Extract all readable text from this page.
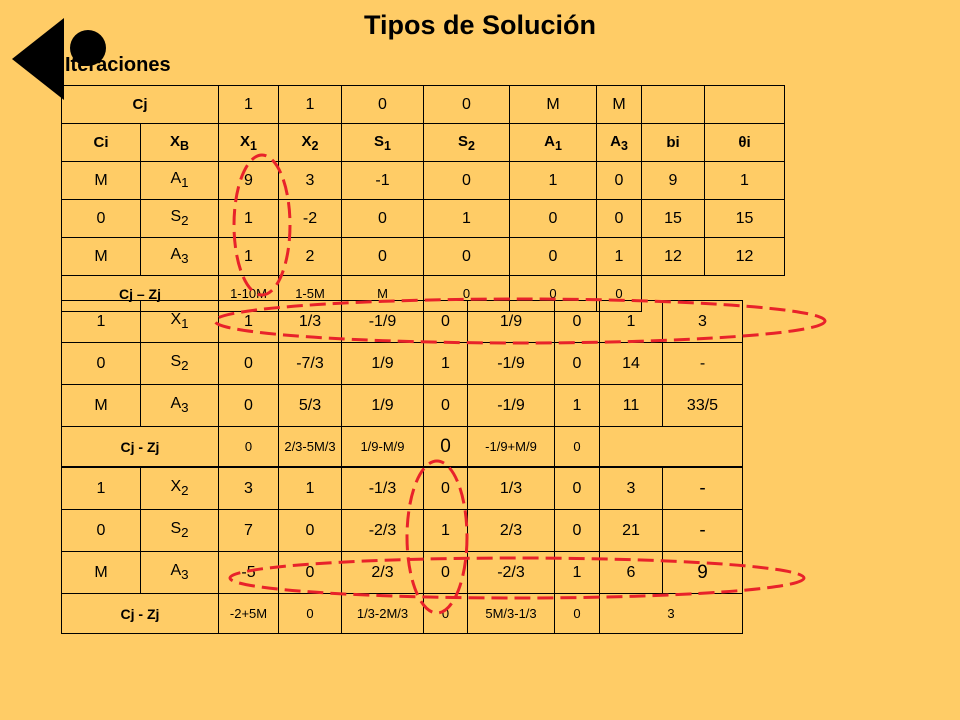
Tipos de Solución
Iteraciones
Cj		1	1	0	0	M	M		
Ci	$X_B$	$X_1$	$X_2$	$S_1$	$S_2$	$A_1$	$A_3$	bi	θi
M	$A_1$	9	3	-1	0	1	0	9	1
0	$S_2$	1	-2	0	1	0	0	15	15
M	$A_3$	1	2	0	0	0	1	12	12
Cj – Zj		1-10M	1-5M	M	0	0	0		
1	$X_1$	1	1/3	-1/9	0	1/9	0	1	3
0	$S_2$	0	-7/3	1/9	1	-1/9	0	14	-
M	$A_3$	0	5/3	1/9	0	-1/9	1	11	33/5
Cj - Zj		0	2/3-5M/3	1/9-M/9	0	-1/9+M/9	0		
1	$X_2$	3	1	-1/3	0	1/3	0	3	-
0	$S_2$	7	0	-2/3	1	2/3	0	21	-
M	$A_3$	-5	0	2/3	0	-2/3	1	6	9
Cj - Zj		-2+5M	0	1/3-2M/3	0	5M/3-1/3	0	3	
